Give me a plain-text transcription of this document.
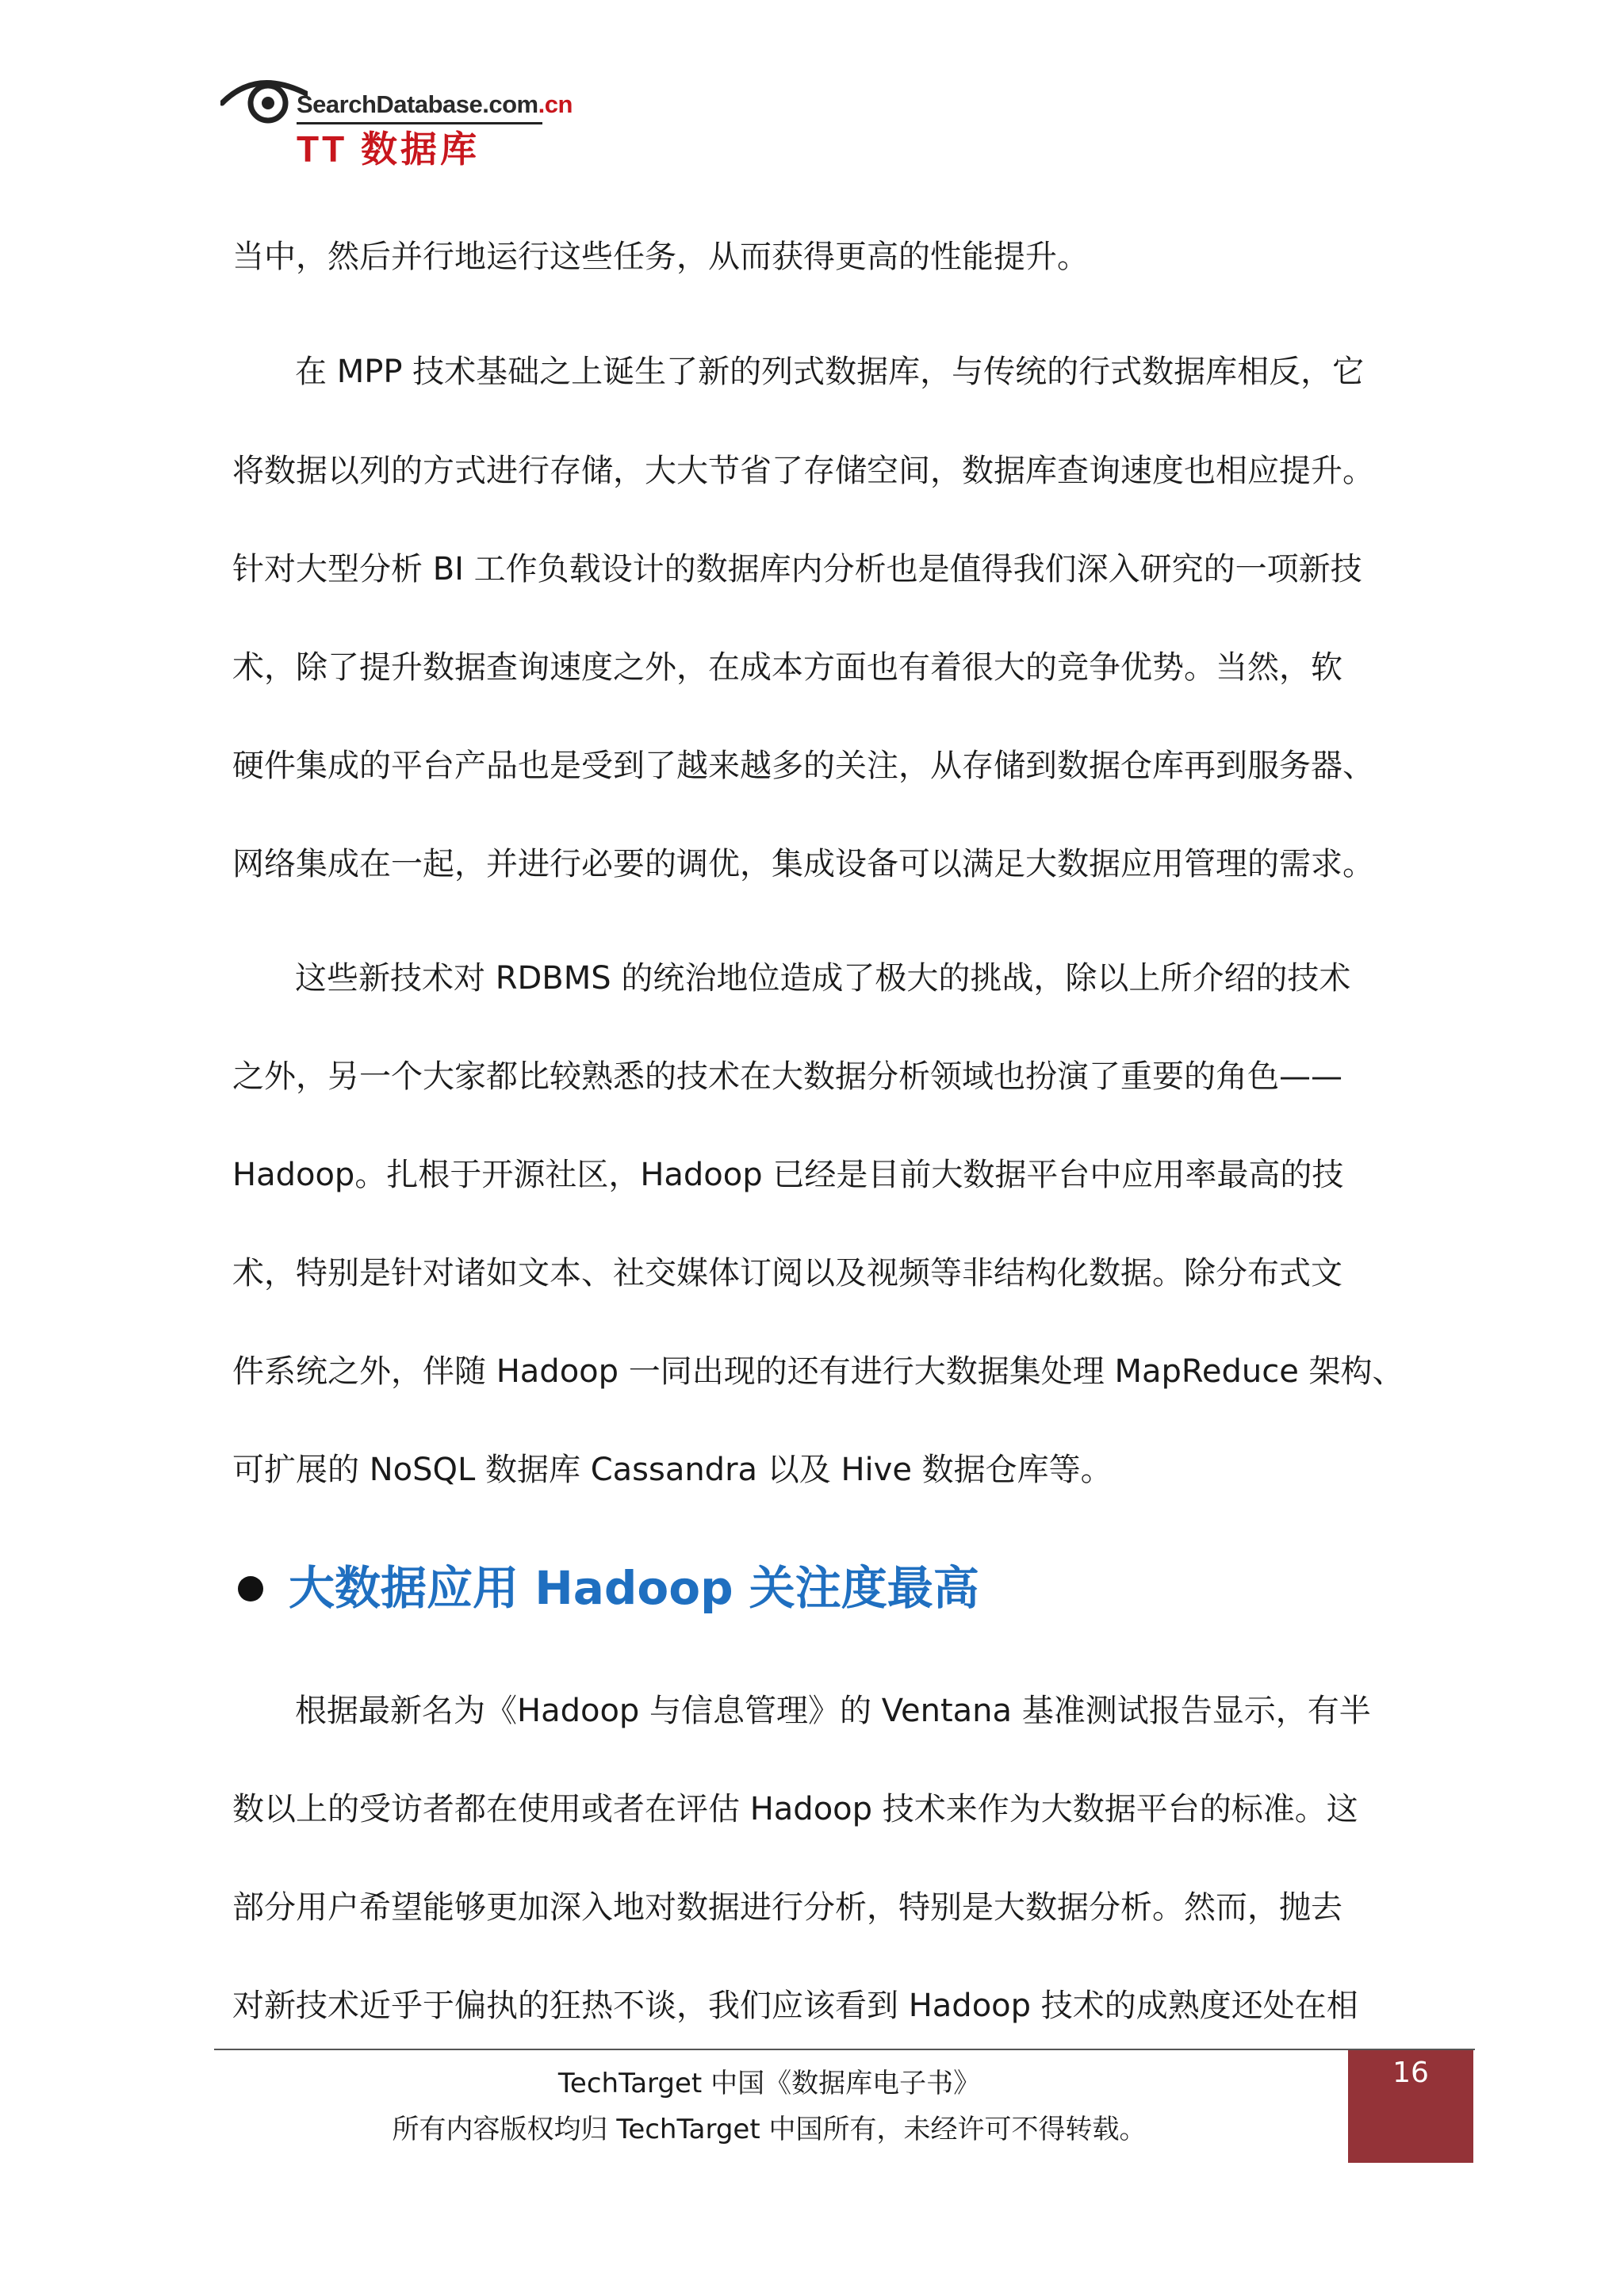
SearchDatabase.com.cn
TT 数据库
当中，然后并行地运行这些任务，从而获得更高的性能提升。
在 MPP 技术基础之上诞生了新的列式数据库，与传统的行式数据库相反，它
将数据以列的方式进行存储，大大节省了存储空间，数据库查询速度也相应提升。
针对大型分析 BI 工作负载设计的数据库内分析也是值得我们深入研究的一项新技
术，除了提升数据查询速度之外，在成本方面也有着很大的竞争优势。当然，软
硬件集成的平台产品也是受到了越来越多的关注，从存储到数据仓库再到服务器、
网络集成在一起，并进行必要的调优，集成设备可以满足大数据应用管理的需求。
这些新技术对 RDBMS 的统治地位造成了极大的挑战，除以上所介绍的技术
之外，另一个大家都比较熟悉的技术在大数据分析领域也扮演了重要的角色——
Hadoop。扎根于开源社区，Hadoop 已经是目前大数据平台中应用率最高的技
术，特别是针对诸如文本、社交媒体订阅以及视频等非结构化数据。除分布式文
件系统之外，伴随 Hadoop 一同出现的还有进行大数据集处理 MapReduce 架构、
可扩展的 NoSQL 数据库 Cassandra 以及 Hive 数据仓库等。
大数据应用 Hadoop 关注度最高
根据最新名为《Hadoop 与信息管理》的 Ventana 基准测试报告显示，有半
数以上的受访者都在使用或者在评估 Hadoop 技术来作为大数据平台的标准。这
部分用户希望能够更加深入地对数据进行分析，特别是大数据分析。然而，抛去
对新技术近乎于偏执的狂热不谈，我们应该看到 Hadoop 技术的成熟度还处在相
TechTarget 中国《数据库电子书》
所有内容版权均归 TechTarget 中国所有，未经许可不得转载。
16
